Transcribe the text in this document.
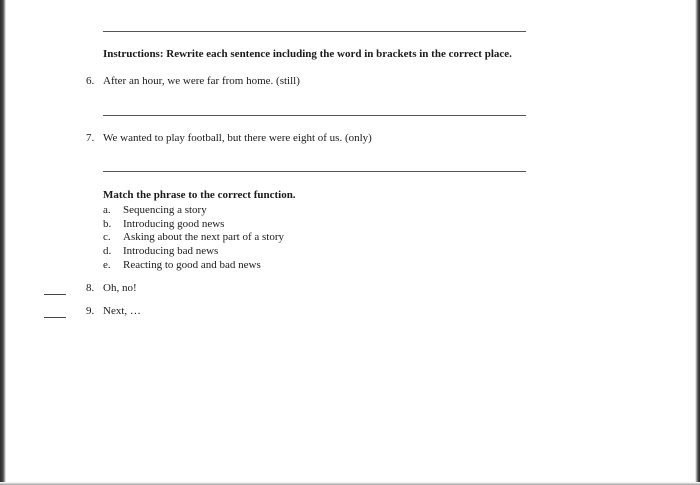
Instructions: Rewrite each sentence including the word in brackets in the correct place.
6. After an hour, we were far from home. (still)
7. We wanted to play football, but there were eight of us. (only)
Match the phrase to the correct function.
a. Sequencing a story
b. Introducing good news
c. Asking about the next part of a story
d. Introducing bad news
e. Reacting to good and bad news
8. Oh, no!
9. Next, …
